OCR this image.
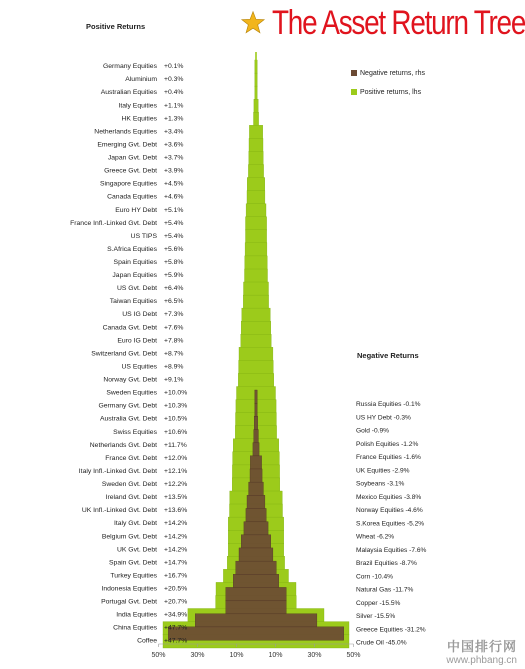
The Asset Return Tree
Positive Returns
Negative Returns
Negative returns, rhs
Positive returns, lhs
Germany Equities +0.1%
Aluminium +0.3%
Australian Equities +0.4%
Italy Equities +1.1%
HK Equities +1.3%
Netherlands Equities +3.4%
Emerging Gvt. Debt +3.6%
Japan Gvt. Debt +3.7%
Greece Gvt. Debt +3.9%
Singapore Equities +4.5%
Canada Equities +4.6%
Euro HY Debt +5.1%
France Infl.-Linked Gvt. Debt +5.4%
US TIPS +5.4%
S.Africa Equities +5.6%
Spain Equities +5.8%
Japan Equities +5.9%
US Gvt. Debt +6.4%
Taiwan Equities +6.5%
US IG Debt +7.3%
Canada Gvt. Debt +7.6%
Euro IG Debt +7.8%
Switzerland Gvt. Debt +8.7%
US Equities +8.9%
Norway Gvt. Debt +9.1%
Sweden Equities +10.0%
Germany Gvt. Debt +10.3%
Australia Gvt. Debt +10.5%
Swiss Equities +10.6%
Netherlands Gvt. Debt +11.7%
France Gvt. Debt +12.0%
Italy Infl.-Linked Gvt. Debt +12.1%
Sweden Gvt. Debt +12.2%
Ireland Gvt. Debt +13.5%
UK Infl.-Linked Gvt. Debt +13.6%
Italy Gvt. Debt +14.2%
Belgium Gvt. Debt +14.2%
UK Gvt. Debt +14.2%
Spain Gvt. Debt +14.7%
Turkey Equities +16.7%
Indonesia Equities +20.5%
Portugal Gvt. Debt +20.7%
India Equities +34.9%
China Equities +47.7%
Coffee +47.7%
Russia Equities -0.1%
US HY Debt -0.3%
Gold -0.9%
Polish Equities -1.2%
France Equities -1.6%
UK Equities -2.9%
Soybeans -3.1%
Mexico Equities -3.8%
Norway Equities -4.6%
S.Korea Equities -5.2%
Wheat -6.2%
Malaysia Equities -7.6%
Brazil Equities -8.7%
Corn -10.4%
Natural Gas -11.7%
Copper -15.5%
Silver -15.5%
Greece Equities -31.2%
Crude Oil -45.0%
50%	30%	10%	10%	30%	50%
中国排行网
www.phbang.cn
